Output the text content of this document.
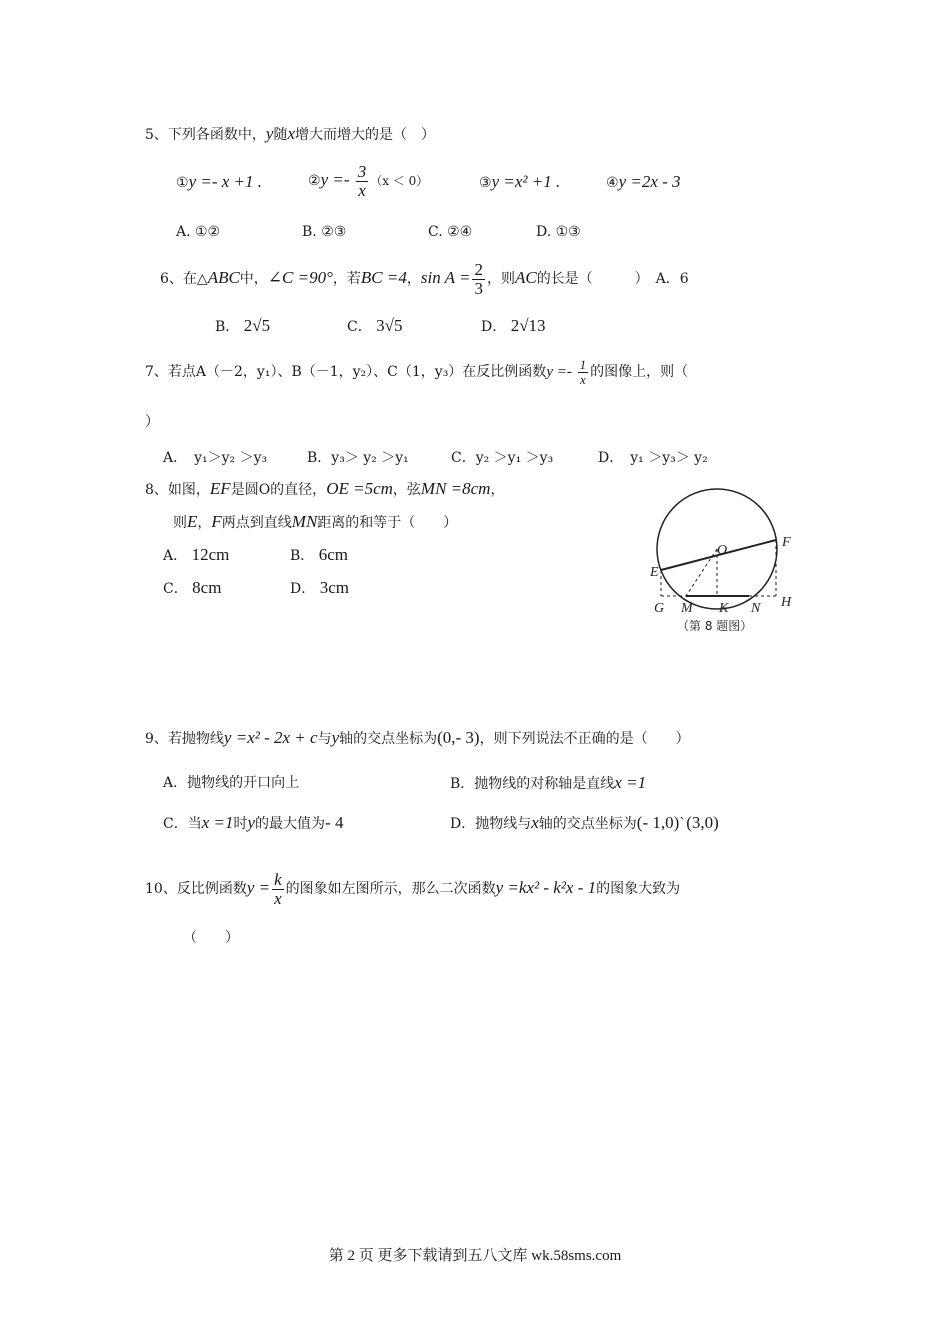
5、下列各函数中，y随x增大而增大的是（　）
①y =- x +1 .	②y =- $\frac{3}{x} (x < 0)$	③y =x² +1 .	④y =2x - 3
A. ①②	B. ②③	C. ②④	D. ①③
6、在△ABC中，∠C =90°，若BC =4，$\sin A = \frac{2}{3}$ ，则AC的长是（　　　）　A．6
B． 2√5	C． 3√5	D． 2√13
7、若点A（－2，y₁）、B（－1，y₂）、C（1，y₃）在反比例函数$y =- \frac{1}{x}$ 的图像上，则（
）
A．　y₁＞y₂ ＞y₃	B．y₃＞ y₂ ＞y₁	C．y₂ ＞y₁ ＞y₃	D．　y₁ ＞y₃＞ y₂
8、如图，EF是圆O的直径，OE =5cm，弦MN =8cm，
则E，F两点到直线MN距离的和等于（　　）
A． 12cm	B． 6cm
C． 8cm	D． 3cm
O
F
E
G M K N H
（第 8 题图）
9、若抛物线y =x² - 2x + c与y轴的交点坐标为(0,- 3)，则下列说法不正确的是（　　）
A．抛物线的开口向上	B．抛物线的对称轴是直线x =1
C．当x =1时y的最大值为- 4	D．抛物线与x轴的交点坐标为(- 1,0)`(3,0)
10、反比例函数$y = \frac{k}{x}$ 的图象如左图所示，那么二次函数y =kx² - k²x - 1的图象大致为
（　　）
第 2 页 更多下载请到五八文库 wk.58sms.com
